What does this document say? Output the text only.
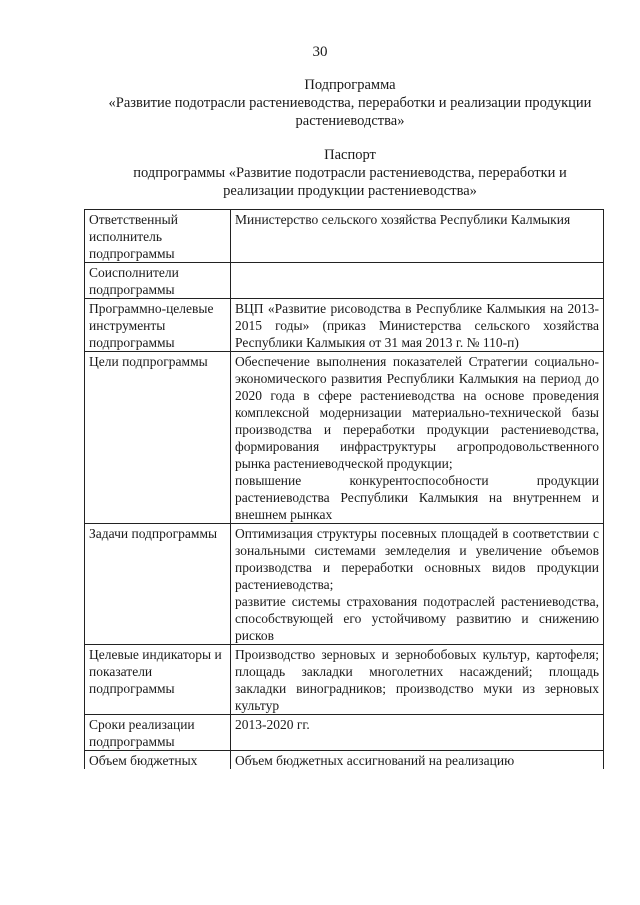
30
Подпрограмма
«Развитие подотрасли растениеводства, переработки и реализации продукции
растениеводства»
Паспорт
подпрограммы «Развитие подотрасли растениеводства, переработки и
реализации продукции растениеводства»
Ответственный исполнитель подпрограммы	Министерство сельского хозяйства Республики Калмыкия

Соисполнители подпрограммы	

Программно-целевые инструменты подпрограммы	ВЦП «Развитие рисоводства в Республике Калмыкия на 2013-2015 годы» (приказ Министерства сельского хозяйства Республики Калмыкия от 31 мая 2013 г. № 110-п)

Цели подпрограммы	Обеспечение выполнения показателей Стратегии социально-экономического развития Республики Калмыкия на период до 2020 года в сфере растениеводства на основе проведения комплексной модернизации материально-технической базы производства и переработки продукции растениеводства, формирования инфраструктуры агропродовольственного рынка растениеводческой продукции;
повышение конкурентоспособности продукции растениеводства Республики Калмыкия на внутреннем и внешнем рынках

Задачи подпрограммы	Оптимизация структуры посевных площадей в соответствии с зональными системами земледелия и увеличение объемов производства и переработки основных видов продукции растениеводства;
развитие системы страхования подотраслей растениеводства, способствующей его устойчивому развитию и снижению рисков

Целевые индикаторы и показатели подпрограммы	Производство зерновых и зернобобовых культур, картофеля; площадь закладки многолетних насаждений; площадь закладки виноградников; производство муки из зерновых культур

Сроки реализации подпрограммы	2013-2020 гг.

Объем бюджетных	Объем бюджетных ассигнований на реализацию
